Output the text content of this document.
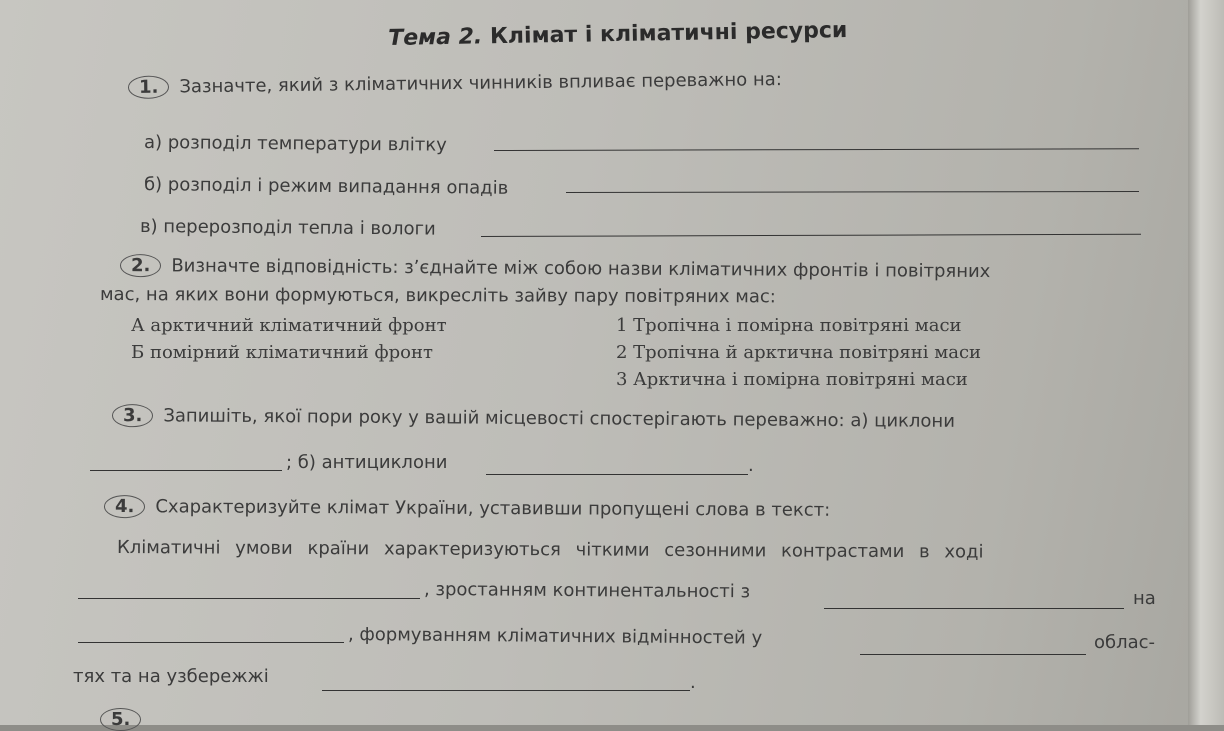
Тема 2. Клімат і кліматичні ресурси
1. Зазначте, який з кліматичних чинників впливає переважно на:
а) розподіл температури влітку
б) розподіл і режим випадання опадів
в) перерозподіл тепла і вологи
2. Визначте відповідність: з’єднайте між собою назви кліматичних фронтів і повітряних
мас, на яких вони формуються, викресліть зайву пару повітряних мас:
А арктичний кліматичний фронт
Б помірний кліматичний фронт
1 Тропічна і помірна повітряні маси
2 Тропічна й арктична повітряні маси
3 Арктична і помірна повітряні маси
3. Запишіть, якої пори року у вашій місцевості спостерігають переважно: а) циклони
; б) антициклони	.
4. Схарактеризуйте клімат України, уставивши пропущені слова в текст:
Кліматичні умови країни характеризуються чіткими сезонними контрастами в ході
, зростанням континентальності з	на
, формуванням кліматичних відмінностей у	облас-
тях та на узбережжі	.
5.
